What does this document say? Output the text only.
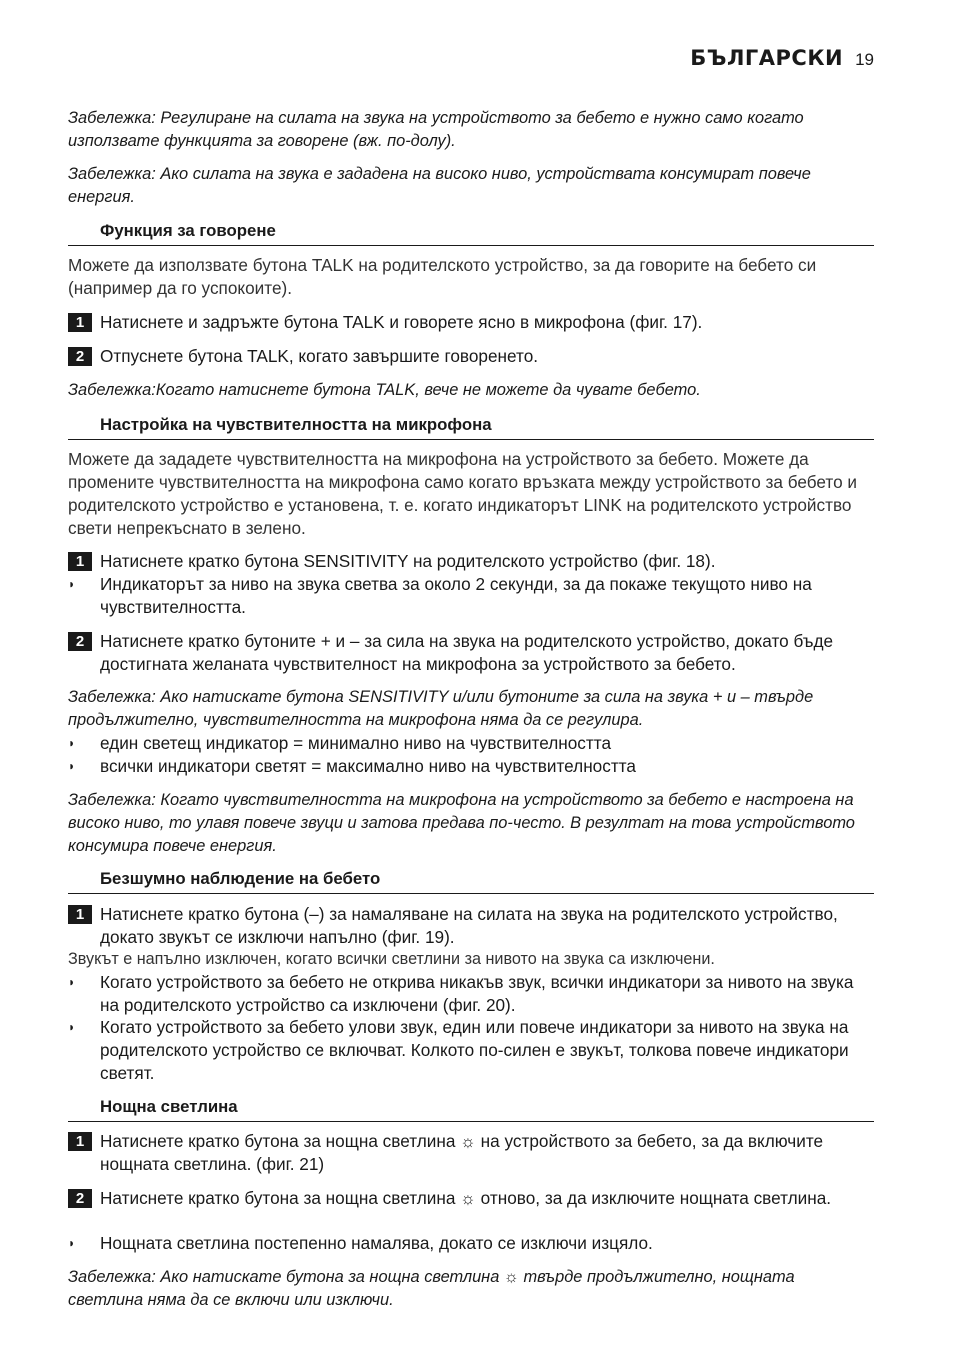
БЪЛГАРСКИ 19

Забележка: Регулиране на силата на звука на устройството за бебето е нужно само когато използвате функцията за говорене (вж. по-долу).

Забележка: Ако силата на звука е зададена на високо ниво, устройствата консумират повече енергия.

Функция за говорене

Можете да използвате бутона TALK на родителското устройство, за да говорите на бебето си (например да го успокоите).

1 Натиснете и задръжте бутона TALK и говорете ясно в микрофона (фиг. 17).
2 Отпуснете бутона TALK, когато завършите говоренето.

Забележка:Когато натиснете бутона TALK, вече не можете да чувате бебето.

Настройка на чувствителността на микрофона

Можете да зададете чувствителността на микрофона на устройството за бебето. Можете да промените чувствителността на микрофона само когато връзката между устройството за бебето и родителското устройство е установена, т. е. когато индикаторът LINK на родителското устройство свети непрекъснато в зелено.

1 Натиснете кратко бутона SENSITIVITY на родителското устройство (фиг. 18).
◗	Индикаторът за ниво на звука светва за около 2 секунди, за да покаже текущото ниво на чувствителността.
2 Натиснете кратко бутоните + и – за сила на звука на родителското устройство, докато бъде достигната желаната чувствителност на микрофона за устройството за бебето.

Забележка: Ако натискате бутона SENSITIVITY и/или бутоните за сила на звука + и – твърде продължително, чувствителността на микрофона няма да се регулира.

◗	един светещ индикатор = минимално ниво на чувствителността
◗	всички индикатори светят = максимално ниво на чувствителността

Забележка: Когато чувствителността на микрофона на устройството за бебето е настроена на високо ниво, то улавя повече звуци и затова предава по-често. В резултат на това устройството консумира повече енергия.

Безшумно наблюдение на бебето
1 Натиснете кратко бутона (–) за намаляване на силата на звука на родителското устройство, докато звукът се изключи напълно (фиг. 19).

Звукът е напълно изключен, когато всички светлини за нивото на звука са изключени.

◗	Когато устройството за бебето не открива никакъв звук, всички индикатори за нивото на звука на родителското устройство са изключени (фиг. 20).
◗	Когато устройството за бебето улови звук, един или повече индикатори за нивото на звука на родителското устройство се включват. Колкото по-силен е звукът, толкова повече индикатори светят.
Нощна светлина
1 Натиснете кратко бутона за нощна светлина ☼ на устройството за бебето, за да включите нощната светлина. (фиг. 21)
2 Натиснете кратко бутона за нощна светлина ☼ отново, за да изключите нощната светлина.
◗	Нощната светлина постепенно намалява, докато се изключи изцяло.

Забележка: Ако натискате бутона за нощна светлина ☼ твърде продължително, нощната светлина няма да се включи или изключи.
